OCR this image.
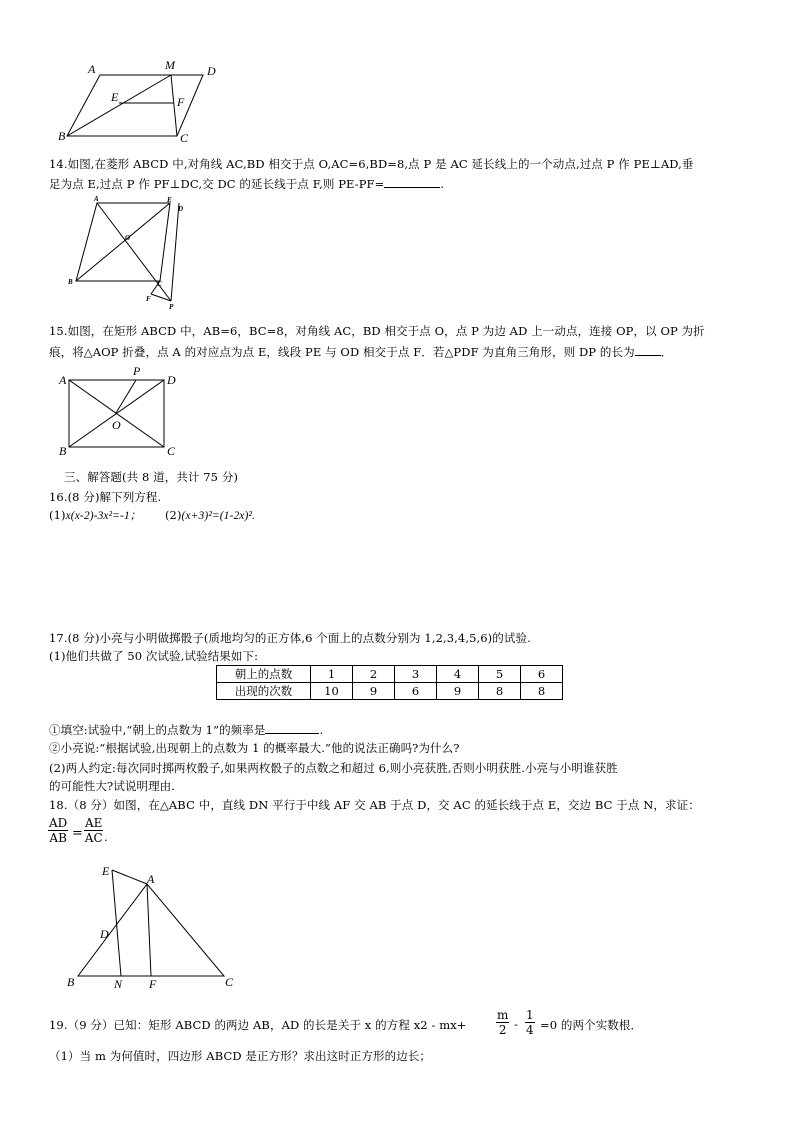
A	M	D
E	F
B	C
14.如图,在菱形 ABCD 中,对角线 AC,BD 相交于点 O,AC=6,BD=8,点 P 是 AC 延长线上的一个动点,过点 P 作 PE⊥AD,垂
足为点 E,过点 P 作 PF⊥DC,交 DC 的延长线于点 F,则 PE-PF=	.
A	E
D
O
B	C
F
P
15.如图，在矩形 ABCD 中，AB=6，BC=8，对角线 AC，BD 相交于点 O，点 P 为边 AD 上一动点，连接 OP，以 OP 为折
痕，将△AOP 折叠，点 A 的对应点为点 E，线段 PE 与 OD 相交于点 F．若△PDF 为直角三角形，则 DP 的长为 ．
A
P
D
O
B	C
三、解答题(共 8 道，共计 75 分)
16.(8 分)解下列方程.
(1)x(x-2)-3x²=-1； (2)(x+3)²=(1-2x)².
17.(8 分)小亮与小明做掷骰子(质地均匀的正方体,6 个面上的点数分别为 1,2,3,4,5,6)的试验.
(1)他们共做了 50 次试验,试验结果如下:
朝上的点数	1	2	3	4	5	6
出现的次数	10	9	6	9	8	8
①填空:试验中,“朝上的点数为 1”的频率是	.
②小亮说:“根据试验,出现朝上的点数为 1 的概率最大.”他的说法正确吗?为什么?
(2)两人约定:每次同时掷两枚骰子,如果两枚骰子的点数之和超过 6,则小亮获胜,否则小明获胜.小亮与小明谁获胜
的可能性大?试说明理由.
18.（8 分）如图，在△ABC 中，直线 DN 平行于中线 AF 交 AB 于点 D，交 AC 的延长线于点 E，交边 BC 于点 N，求证：
$\frac{AD}{AB} = \frac{AE}{AC}$ .
E
A
D
B	N F	C
19.（9 分）已知：矩形 ABCD 的两边 AB，AD 的长是关于 x 的方程 $x2 - mx+ \frac{m}{2} - \frac{1}{4} =0$ 的两个实数根．
（1）当 m 为何值时，四边形 ABCD 是正方形？求出这时正方形的边长；
